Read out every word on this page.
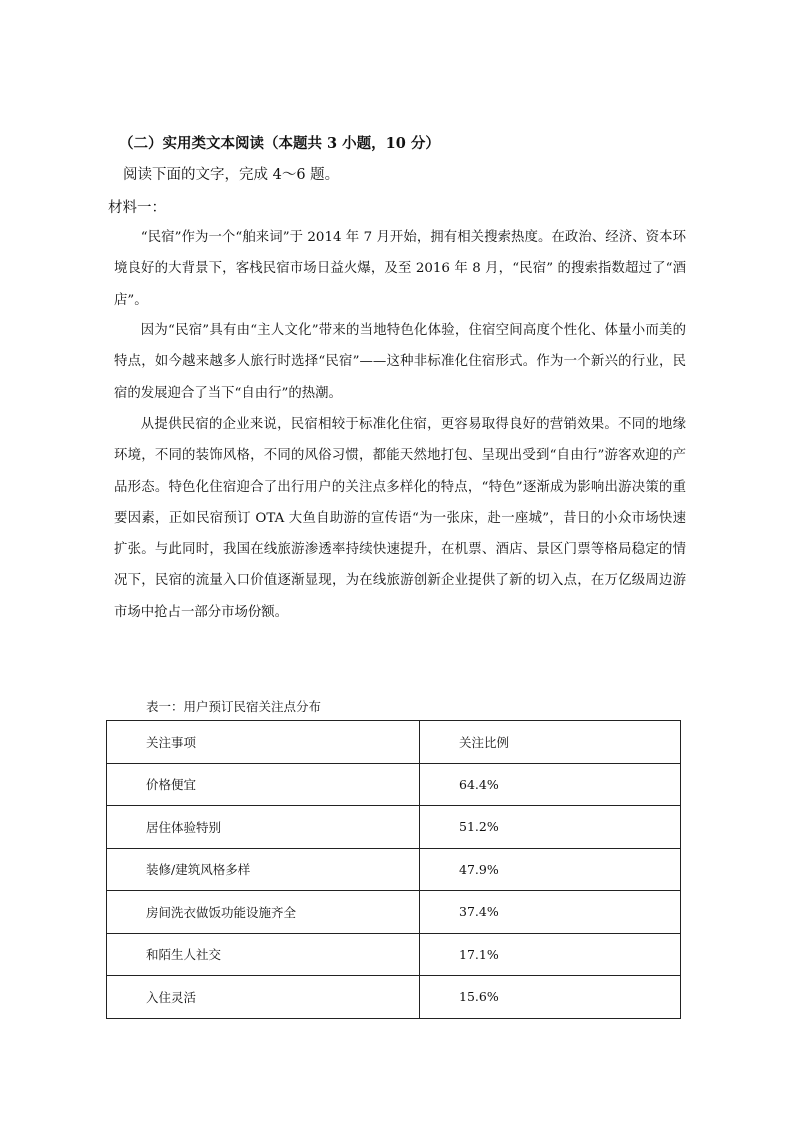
（二）实用类文本阅读（本题共 3 小题，10 分）
阅读下面的文字，完成 4～6 题。
材料一：
“民宿”作为一个“舶来词”于 2014 年 7 月开始，拥有相关搜索热度。在政治、经济、资本环境良好的大背景下，客栈民宿市场日益火爆，及至 2016 年 8 月，“民宿” 的搜索指数超过了“酒店”。
因为“民宿”具有由“主人文化”带来的当地特色化体验，住宿空间高度个性化、体量小而美的特点，如今越来越多人旅行时选择“民宿”——这种非标准化住宿形式。作为一个新兴的行业，民宿的发展迎合了当下“自由行”的热潮。
从提供民宿的企业来说，民宿相较于标准化住宿，更容易取得良好的营销效果。不同的地缘环境，不同的装饰风格，不同的风俗习惯，都能天然地打包、呈现出受到“自由行”游客欢迎的产品形态。特色化住宿迎合了出行用户的关注点多样化的特点，“特色”逐渐成为影响出游决策的重要因素，正如民宿预订 OTA 大鱼自助游的宣传语“为一张床，赴一座城”，昔日的小众市场快速扩张。与此同时，我国在线旅游渗透率持续快速提升，在机票、酒店、景区门票等格局稳定的情况下，民宿的流量入口价值逐渐显现，为在线旅游创新企业提供了新的切入点，在万亿级周边游市场中抢占一部分市场份额。
表一：用户预订民宿关注点分布
关注事项	关注比例
价格便宜	64.4%
居住体验特别	51.2%
装修/建筑风格多样	47.9%
房间洗衣做饭功能设施齐全	37.4%
和陌生人社交	17.1%
入住灵活	15.6%
